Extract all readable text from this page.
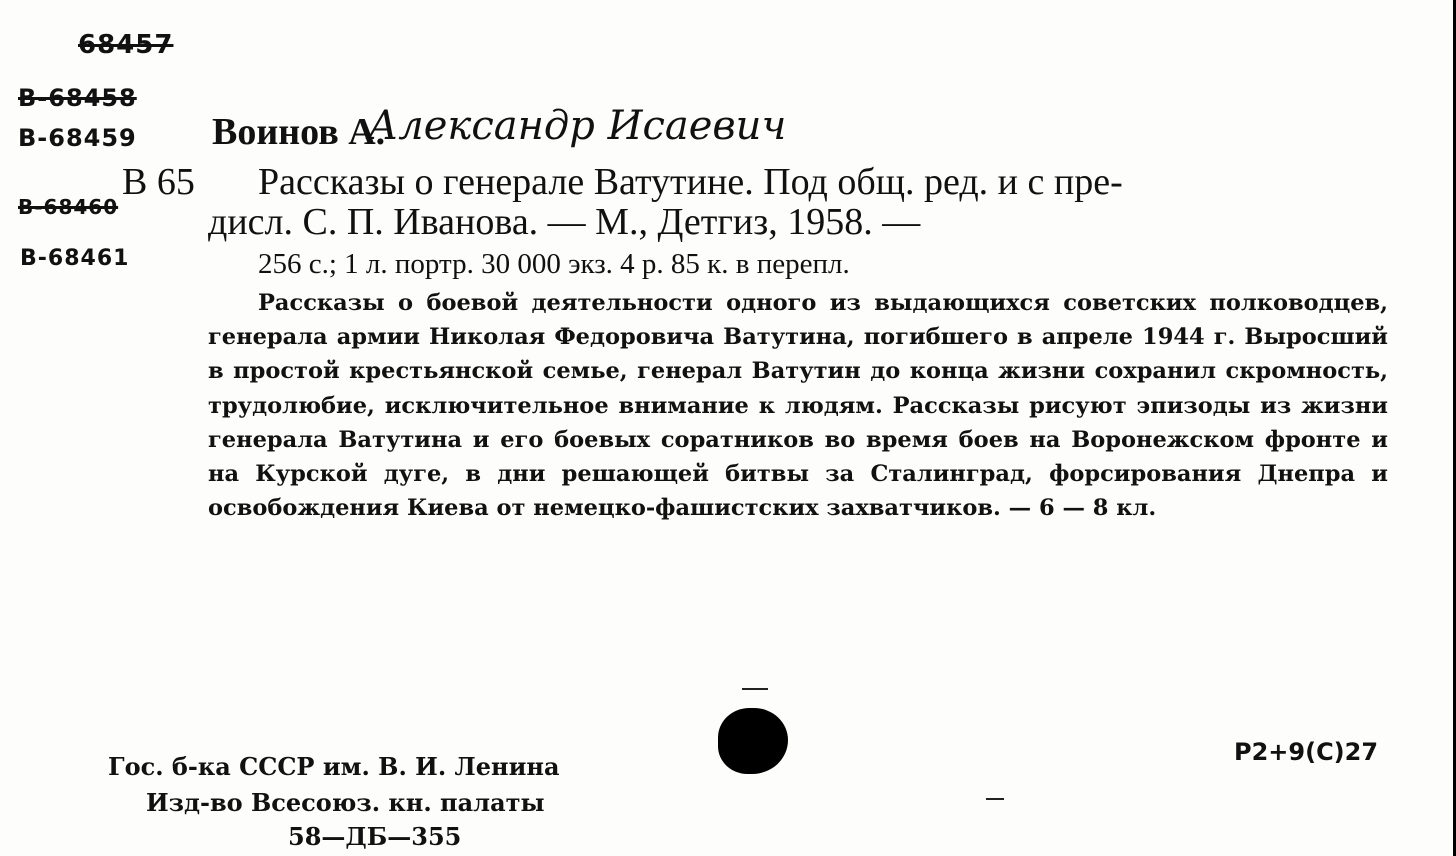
68457
В-68458
В-68459
В-68460
В-68461
Воинов А.
Александр Исаевич
В 65 Рассказы о генерале Ватутине. Под общ. ред. и с пре-
дисл. С. П. Иванова. — М., Детгиз, 1958. —
256 с.; 1 л. портр. 30 000 экз. 4 р. 85 к. в перепл.
Рассказы о боевой деятельности одного из выдающихся советских полководцев, генерала армии Николая Федоровича Ватутина, погибшего в апреле 1944 г. Выросший в простой крестьянской семье, генерал Ватутин до конца жизни сохранил скромность, трудолюбие, исключительное внимание к людям. Рассказы рисуют эпизоды из жизни генерала Ватутина и его боевых соратников во время боев на Воронежском фронте и на Курской дуге, в дни решающей битвы за Сталинград, форсирования Днепра и освобождения Киева от немецко-фашистских захватчиков. — 6 — 8 кл.
Гос. б-ка СССР им. В. И. Ленина
Изд-во Всесоюз. кн. палаты
58—ДБ—355
Р2+9(С)27
